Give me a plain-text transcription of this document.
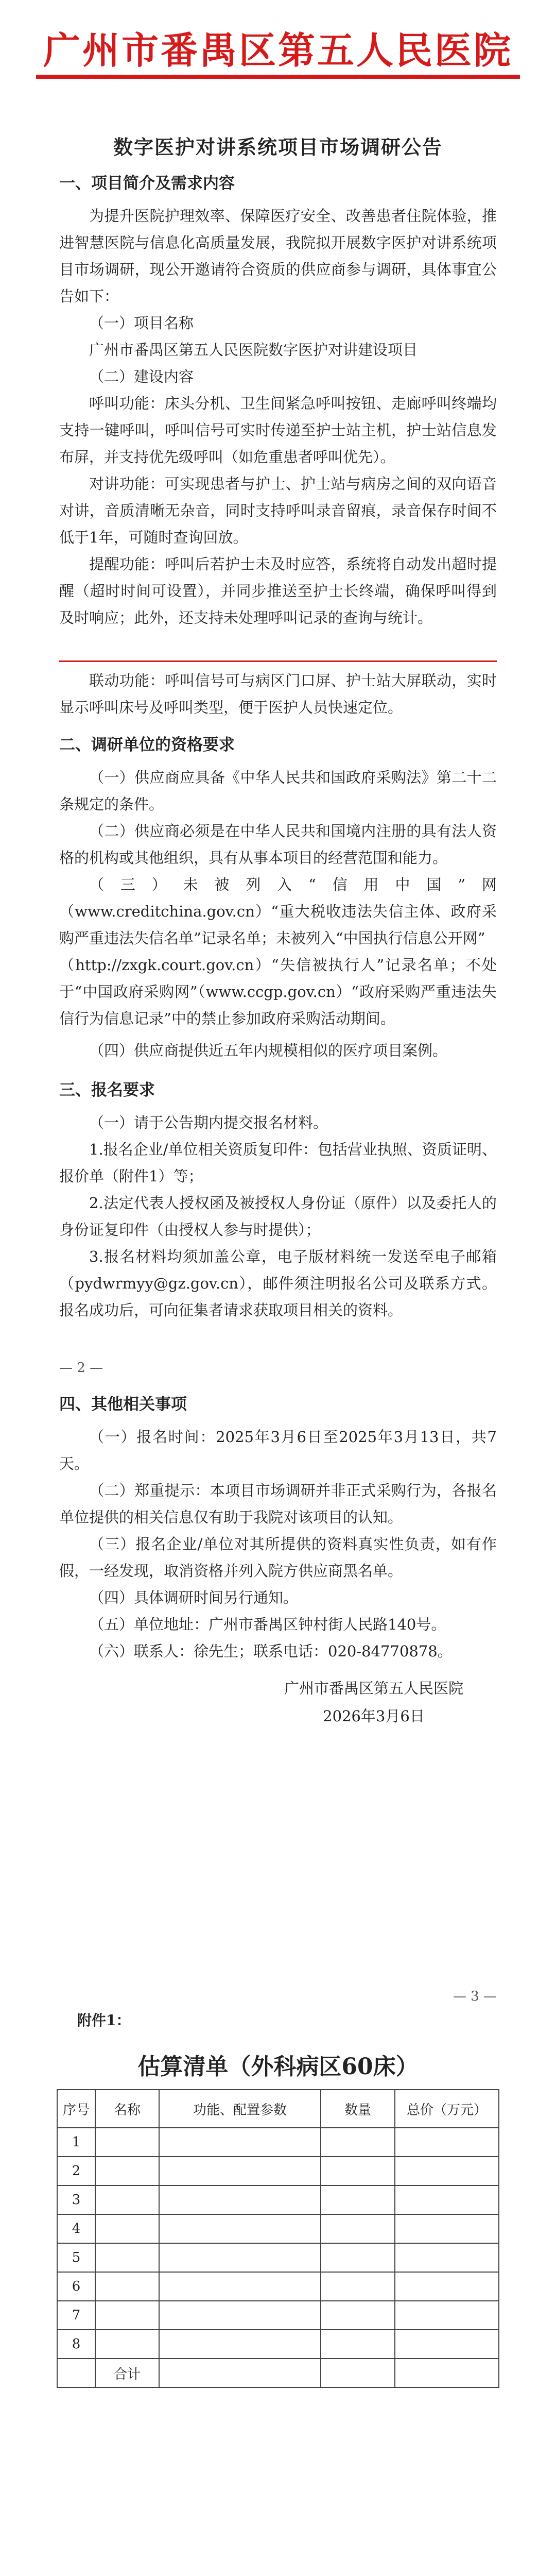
广州市番禺区第五人民医院
数字医护对讲系统项目市场调研公告
一、项目简介及需求内容

为提升医院护理效率、保障医疗安全、改善患者住院体验，推进智慧医院与信息化高质量发展，我院拟开展数字医护对讲系统项目市场调研，现公开邀请符合资质的供应商参与调研，具体事宜公告如下：

（一）项目名称

广州市番禺区第五人民医院数字医护对讲建设项目

（二）建设内容

呼叫功能：床头分机、卫生间紧急呼叫按钮、走廊呼叫终端均支持一键呼叫，呼叫信号可实时传递至护士站主机，护士站信息发布屏，并支持优先级呼叫（如危重患者呼叫优先）。

对讲功能：可实现患者与护士、护士站与病房之间的双向语音对讲，音质清晰无杂音，同时支持呼叫录音留痕，录音保存时间不低于1年，可随时查询回放。

提醒功能：呼叫后若护士未及时应答，系统将自动发出超时提醒（超时时间可设置），并同步推送至护士长终端，确保呼叫得到及时响应；此外，还支持未处理呼叫记录的查询与统计。

联动功能：呼叫信号可与病区门口屏、护士站大屏联动，实时显示呼叫床号及呼叫类型，便于医护人员快速定位。

二、调研单位的资格要求

（一）供应商应具备《中华人民共和国政府采购法》第二十二条规定的条件。

（二）供应商必须是在中华人民共和国境内注册的具有法人资格的机构或其他组织，具有从事本项目的经营范围和能力。

（三）未被列入“信用中国”网（www.creditchina.gov.cn）“重大税收违法失信主体、政府采购严重违法失信名单”记录名单；未被列入“中国执行信息公开网”

（http://zxgk.court.gov.cn）“失信被执行人”记录名单；不处于“中国政府采购网”（www.ccgp.gov.cn）“政府采购严重违法失信行为信息记录”中的禁止参加政府采购活动期间。

（四）供应商提供近五年内规模相似的医疗项目案例。

三、报名要求

（一）请于公告期内提交报名材料。

1.报名企业/单位相关资质复印件：包括营业执照、资质证明、报价单（附件1）等；

2.法定代表人授权函及被授权人身份证（原件）以及委托人的身份证复印件（由授权人参与时提供）；

3.报名材料均须加盖公章，电子版材料统一发送至电子邮箱（pydwrmyy@gz.gov.cn），邮件须注明报名公司及联系方式。报名成功后，可向征集者请求获取项目相关的资料。

— 2 —
四、其他相关事项

（一）报名时间：2025年3月6日至2025年3月13日，共7天。

（二）郑重提示：本项目市场调研并非正式采购行为，各报名单位提供的相关信息仅有助于我院对该项目的认知。

（三）报名企业/单位对其所提供的资料真实性负责，如有作假，一经发现，取消资格并列入院方供应商黑名单。

（四）具体调研时间另行通知。

（五）单位地址：广州市番禺区钟村街人民路140号。

（六）联系人：徐先生；联系电话：020-84770878。

广州市番禺区第五人民医院
2026年3月6日
— 3 —
附件1：
估算清单（外科病区60床）
序号	名称	功能、配置参数	数量	总价（万元）
1				
2				
3				
4				
5				
6				
7				
8				
	合计			
